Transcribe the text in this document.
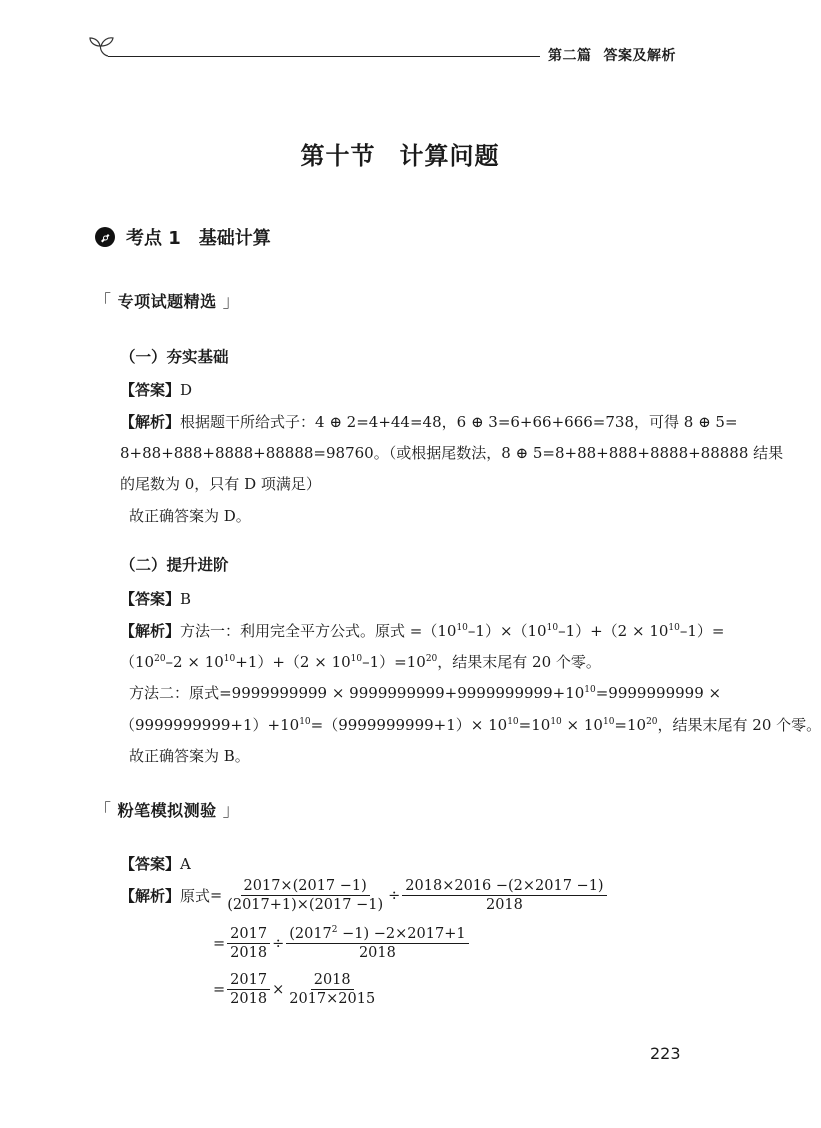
第二篇 答案及解析
第十节 计算问题
考点 1 基础计算
「 专项试题精选 」
（一）夯实基础
【答案】D
【解析】根据题干所给式子：4 ⊕ 2=4+44=48，6 ⊕ 3=6+66+666=738，可得 8 ⊕ 5=
8+88+888+8888+88888=98760。（或根据尾数法，8 ⊕ 5=8+88+888+8888+88888 结果
的尾数为 0，只有 D 项满足）
故正确答案为 D。
（二）提升进阶
【答案】B
【解析】方法一：利用完全平方公式。原式 $=(10^{10}-1)\times(10^{10}-1)+(2 \times 10^{10}-1)=$
$(10^{20}-2 \times 10^{10}+1)+(2 \times 10^{10}-1)=10^{20}$，结果末尾有 20 个零。
方 法 二： 原 式 $=9999999999 \times 9999999999+9999999999+10^{10}=9999999999$ ×
$(9999999999+1)+10^{10}=(9999999999+1)\times 10^{10}=10^{10} \times 10^{10}=10^{20}$，结果末尾有 20 个零。
故正确答案为 B。
「 粉笔模拟测验 」
【答案】A
【解析】 原式 = $\frac{2017\times(2017 -1)}{(2017+1)\times(2017 -1)} \div \frac{2018\times 2016 -(2\times 2017 -1)}{2018}$
= $\frac{2017}{2018} \div \frac{(2017^2 -1) -2\times 2017+1}{2018}$
= $\frac{2017}{2018} \times \frac{2018}{2017\times 2015}$
223
